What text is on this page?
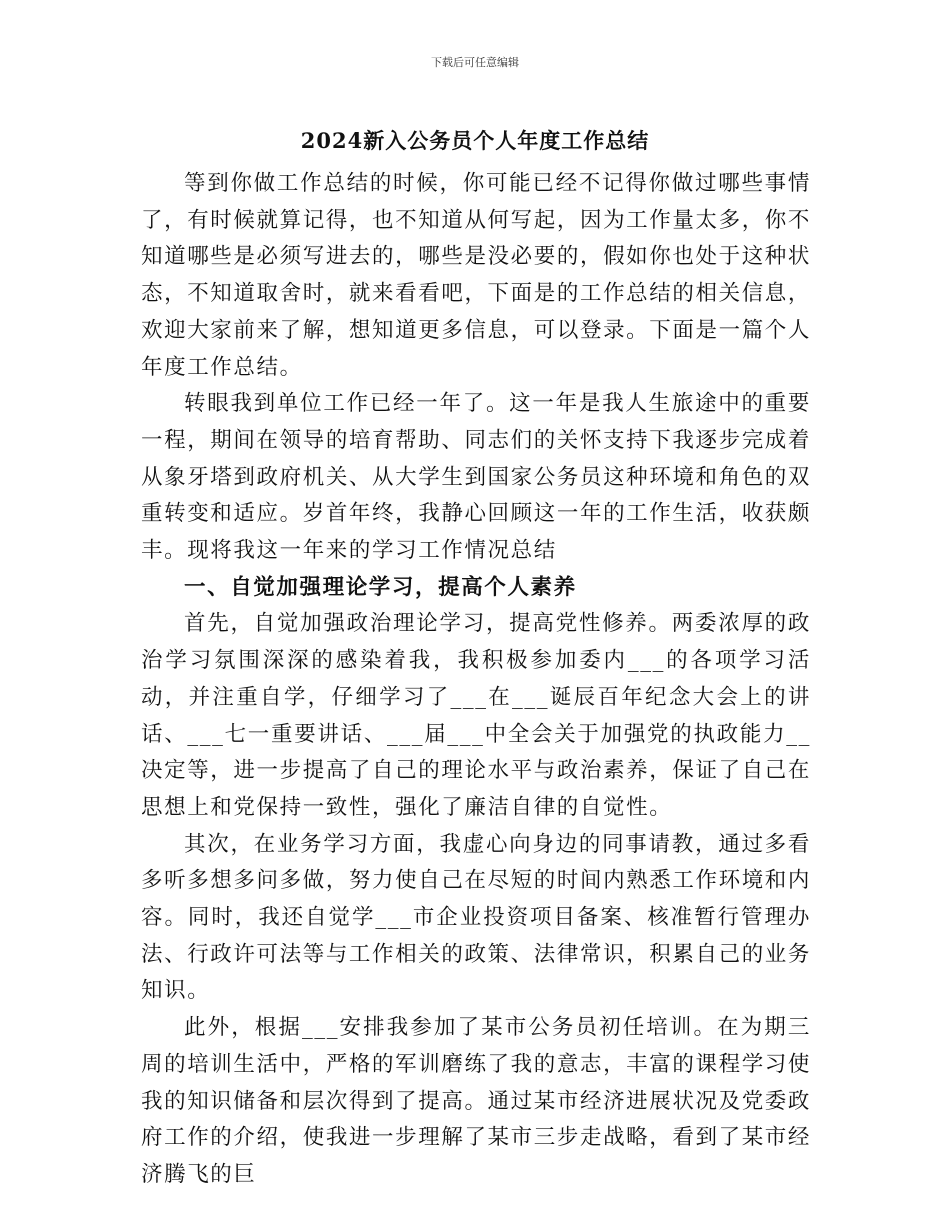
下载后可任意编辑
2024新入公务员个人年度工作总结

等到你做工作总结的时候，你可能已经不记得你做过哪些事情了，有时候就算记得，也不知道从何写起，因为工作量太多，你不知道哪些是必须写进去的，哪些是没必要的，假如你也处于这种状态，不知道取舍时，就来看看吧，下面是的工作总结的相关信息，欢迎大家前来了解，想知道更多信息，可以登录。下面是一篇个人年度工作总结。

转眼我到单位工作已经一年了。这一年是我人生旅途中的重要一程，期间在领导的培育帮助、同志们的关怀支持下我逐步完成着从象牙塔到政府机关、从大学生到国家公务员这种环境和角色的双重转变和适应。岁首年终，我静心回顾这一年的工作生活，收获颇丰。现将我这一年来的学习工作情况总结

一、自觉加强理论学习，提高个人素养

首先，自觉加强政治理论学习，提高党性修养。两委浓厚的政治学习氛围深深的感染着我，我积极参加委内___的各项学习活动，并注重自学，仔细学习了___在___诞辰百年纪念大会上的讲话、___七一重要讲话、___届___中全会关于加强党的执政能力__决定等，进一步提高了自己的理论水平与政治素养，保证了自己在思想上和党保持一致性，强化了廉洁自律的自觉性。

其次，在业务学习方面，我虚心向身边的同事请教，通过多看多听多想多问多做，努力使自己在尽短的时间内熟悉工作环境和内容。同时，我还自觉学___市企业投资项目备案、核准暂行管理办法、行政许可法等与工作相关的政策、法律常识，积累自己的业务知识。

此外，根据___安排我参加了某市公务员初任培训。在为期三周的培训生活中，严格的军训磨练了我的意志，丰富的课程学习使我的知识储备和层次得到了提高。通过某市经济进展状况及党委政府工作的介绍，使我进一步理解了某市三步走战略，看到了某市经济腾飞的巨
